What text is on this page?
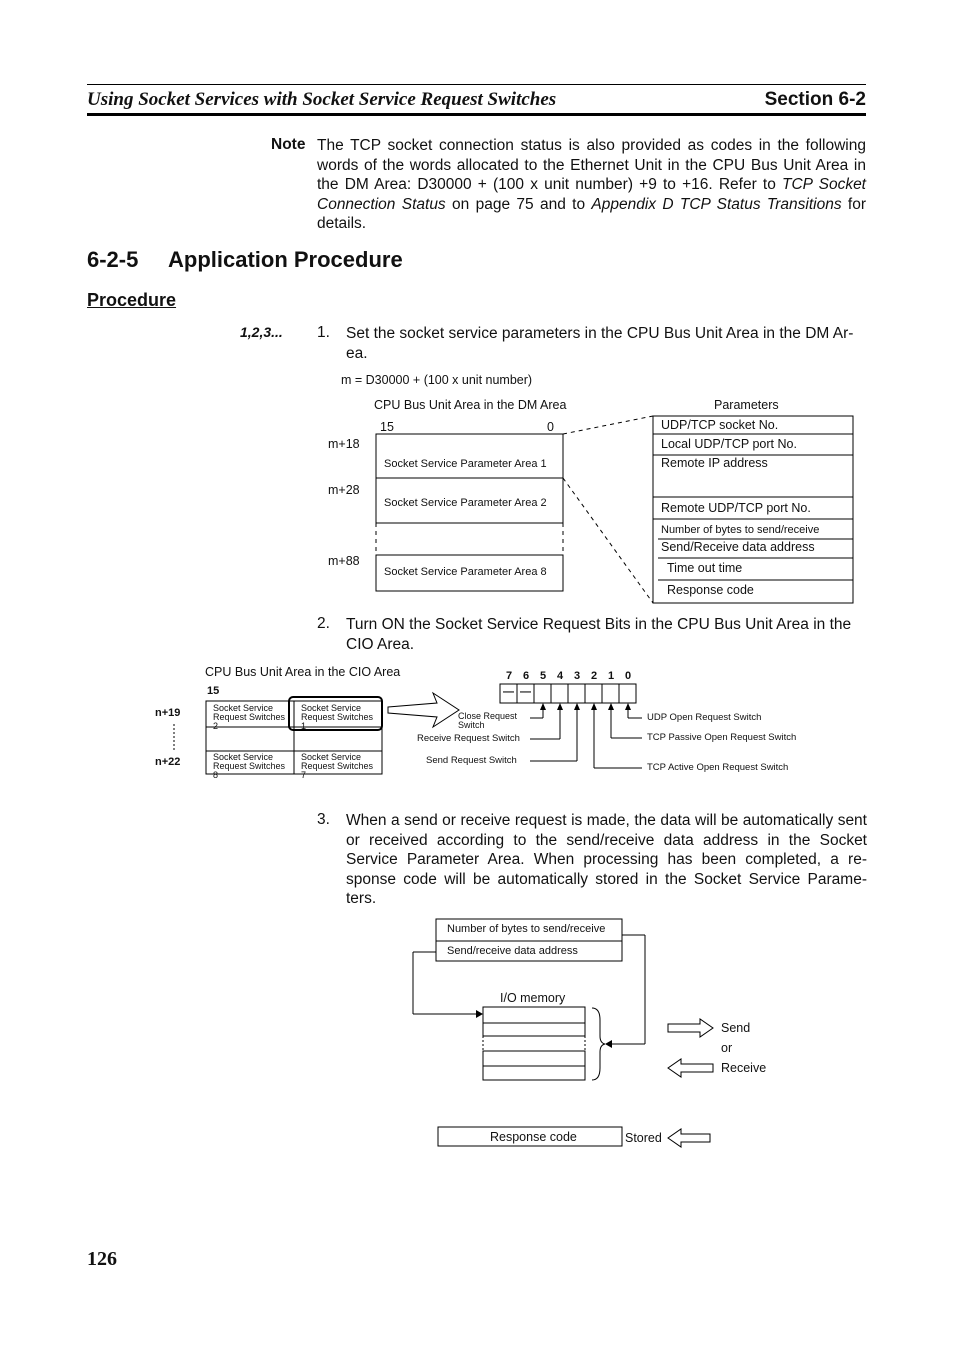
Using Socket Services with Socket Service Request Switches	Section 6-2
Note The TCP socket connection status is also provided as codes in the following words of the words allocated to the Ethernet Unit in the CPU Bus Unit Area in the DM Area: D30000 + (100 x unit number) +9 to +16. Refer to TCP Socket Connection Status on page 75 and to Appendix D TCP Status Transitions for details.
6-2-5 Application Procedure
Procedure
1,2,3... 1. Set the socket service parameters in the CPU Bus Unit Area in the DM Ar-ea.
m = D30000 + (100 x unit number)
CPU Bus Unit Area in the DM Area
15	0
Parameters
m+18
m+28
m+88
Socket Service Parameter Area 1
Socket Service Parameter Area 2
Socket Service Parameter Area 8
UDP/TCP socket No.
Local UDP/TCP port No.
Remote IP address
Remote UDP/TCP port No.
Number of bytes to send/receive
Send/Receive data address
Time out time
Response code
2. Turn ON the Socket Service Request Bits in the CPU Bus Unit Area in the CIO Area.
CPU Bus Unit Area in the CIO Area
15
n+19
n+22
Socket Service Request Switches 2
Socket Service Request Switches 1
Socket Service Request Switches 8
Socket Service Request Switches 7
7 6 5 4 3 2 1 0
— —
Close Request Switch
Receive Request Switch
Send Request Switch
UDP Open Request Switch
TCP Passive Open Request Switch
TCP Active Open Request Switch
3. When a send or receive request is made, the data will be automatically sent or received according to the send/receive data address in the Socket Service Parameter Area. When processing has been completed, a re-sponse code will be automatically stored in the Socket Service Parame-ters.
Number of bytes to send/receive
Send/receive data address
I/O memory
Send
or
Receive
Response code	Stored
126
